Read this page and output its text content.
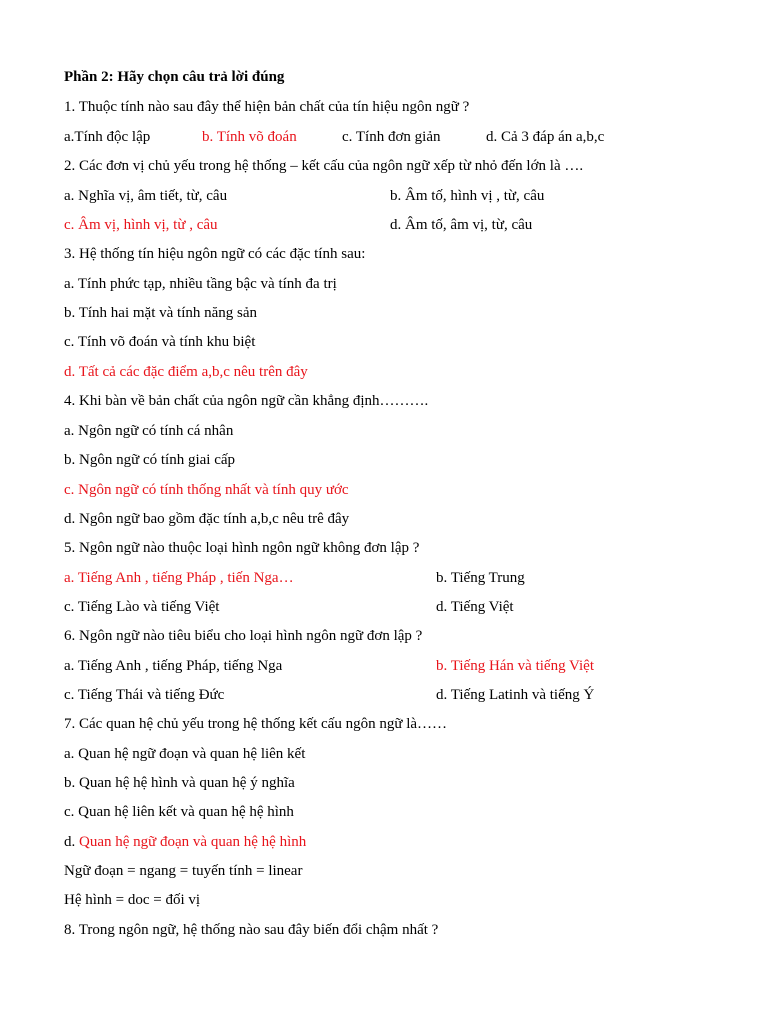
Phần 2: Hãy chọn câu trả lời đúng
1. Thuộc tính nào sau đây thể hiện bản chất của tín hiệu ngôn ngữ ?
a.Tính độc lập	b. Tính võ đoán	c. Tính đơn giản	d. Cả 3 đáp án a,b,c
2. Các đơn vị chủ yếu trong hệ thống – kết cấu của ngôn ngữ xếp từ nhỏ đến lớn là ….
a. Nghĩa vị, âm tiết, từ, câu	b. Âm tố, hình vị , từ, câu
c. Âm vị, hình vị, từ , câu	d. Âm tố, âm vị, từ, câu
3. Hệ thống tín hiệu ngôn ngữ có các đặc tính sau:
a. Tính phức tạp, nhiều tầng bậc và tính đa trị
b. Tính hai mặt và tính năng sản
c. Tính võ đoán và tính khu biệt
d. Tất cả các đặc điểm a,b,c nêu trên đây
4. Khi bàn về bản chất của ngôn ngữ cần khẳng định……….
a. Ngôn ngữ có tính cá nhân
b. Ngôn ngữ có tính giai cấp
c. Ngôn ngữ có tính thống nhất và tính quy ước
d. Ngôn ngữ bao gồm đặc tính a,b,c nêu trê đây
5. Ngôn ngữ nào thuộc loại hình ngôn ngữ không đơn lập ?
a. Tiếng Anh , tiếng Pháp , tiến Nga…	b. Tiếng Trung
c. Tiếng Lào và tiếng Việt	d. Tiếng Việt
6. Ngôn ngữ nào tiêu biểu cho loại hình ngôn ngữ đơn lập ?
a. Tiếng Anh , tiếng Pháp, tiếng Nga	b. Tiếng Hán và tiếng Việt
c. Tiếng Thái và tiếng Đức	d. Tiếng Latinh và tiếng Ý
7. Các quan hệ chủ yếu trong hệ thống kết cấu ngôn ngữ là……
a. Quan hệ ngữ đoạn và quan hệ liên kết
b. Quan hệ hệ hình và quan hệ ý nghĩa
c. Quan hệ liên kết và quan hệ hệ hình
d. Quan hệ ngữ đoạn và quan hệ hệ hình
Ngữ đoạn = ngang = tuyến tính = linear
Hệ hình = doc = đối vị
8. Trong ngôn ngữ, hệ thống nào sau đây biến đổi chậm nhất ?
